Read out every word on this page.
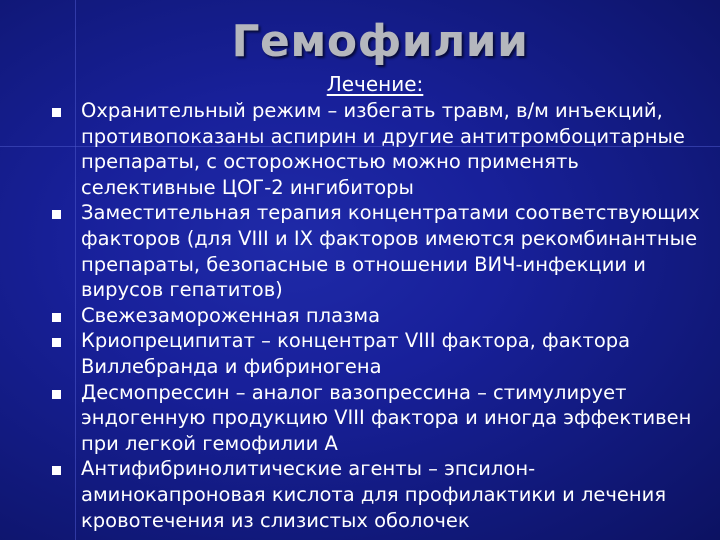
Гемофилии
Лечение:
Охранительный режим – избегать травм, в/м инъекций, противопоказаны аспирин и другие антитромбоцитарные препараты, с осторожностью можно применять селективные ЦОГ-2 ингибиторы
Заместительная терапия концентратами соответствующих факторов (для VIII и IX факторов имеются рекомбинантные препараты, безопасные в отношении ВИЧ-инфекции и вирусов гепатитов)
Свежезамороженная плазма
Криопреципитат – концентрат VIII фактора, фактора Виллебранда и фибриногена
Десмопрессин – аналог вазопрессина – стимулирует эндогенную продукцию VIII фактора и иногда эффективен при легкой гемофилии А
Антифибринолитические агенты – эпсилон-аминокапроновая кислота для профилактики и лечения кровотечения из слизистых оболочек
